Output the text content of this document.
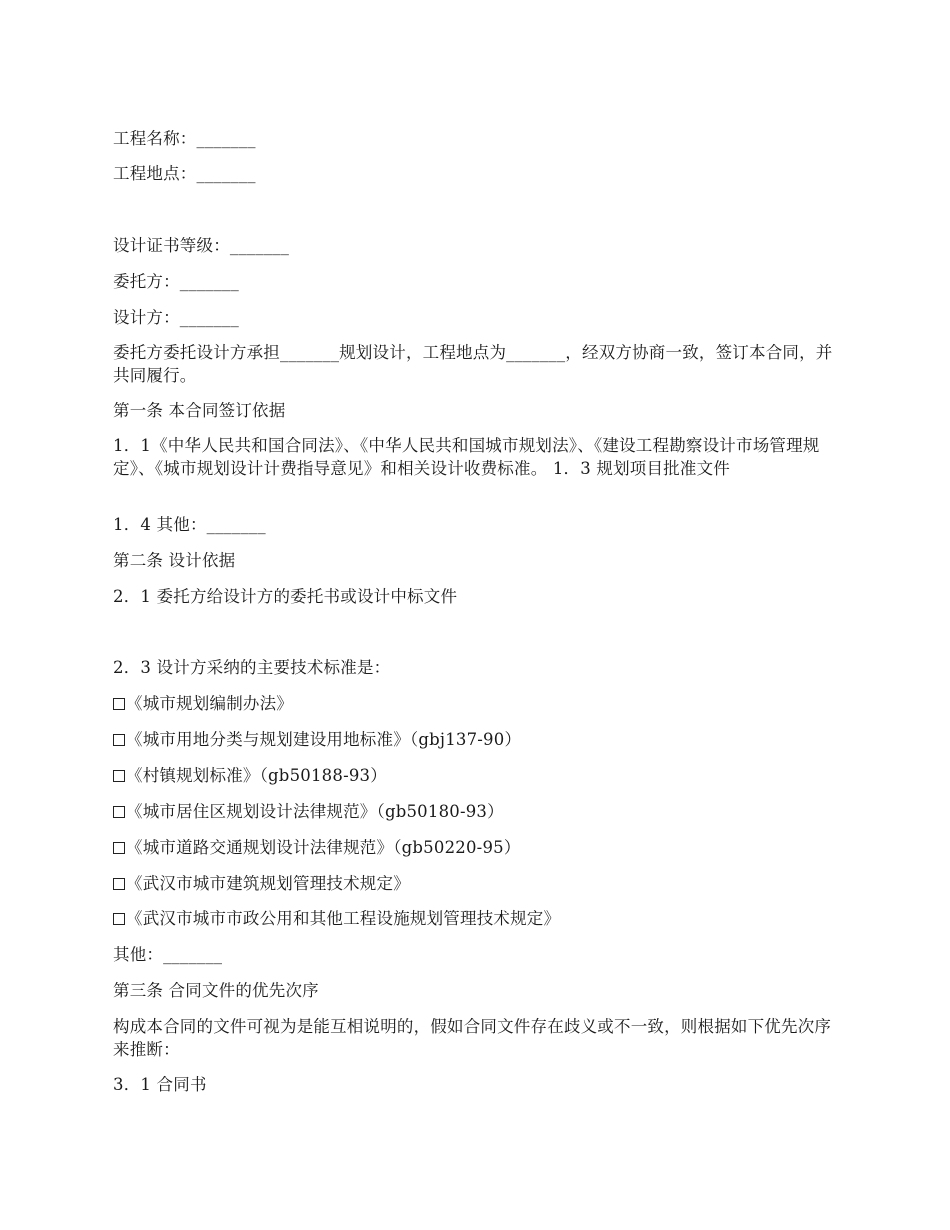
工程名称：_______
工程地点：_______
设计证书等级：_______
委托方：_______
设计方：_______
委托方委托设计方承担_______规划设计，工程地点为_______，经双方协商一致，签订本合同，并共同履行。
第一条 本合同签订依据
1．1《中华人民共和国合同法》、《中华人民共和国城市规划法》、《建设工程勘察设计市场管理规定》、《城市规划设计计费指导意见》和相关设计收费标准。 1．3 规划项目批准文件
1．4 其他：_______
第二条 设计依据
2．1 委托方给设计方的委托书或设计中标文件
2．3 设计方采纳的主要技术标准是：
《城市规划编制办法》
《城市用地分类与规划建设用地标准》（gbj137-90）
《村镇规划标准》（gb50188-93）
《城市居住区规划设计法律规范》（gb50180-93）
《城市道路交通规划设计法律规范》（gb50220-95）
《武汉市城市建筑规划管理技术规定》
《武汉市城市市政公用和其他工程设施规划管理技术规定》
其他：_______
第三条 合同文件的优先次序
构成本合同的文件可视为是能互相说明的，假如合同文件存在歧义或不一致，则根据如下优先次序来推断：
3．1 合同书
